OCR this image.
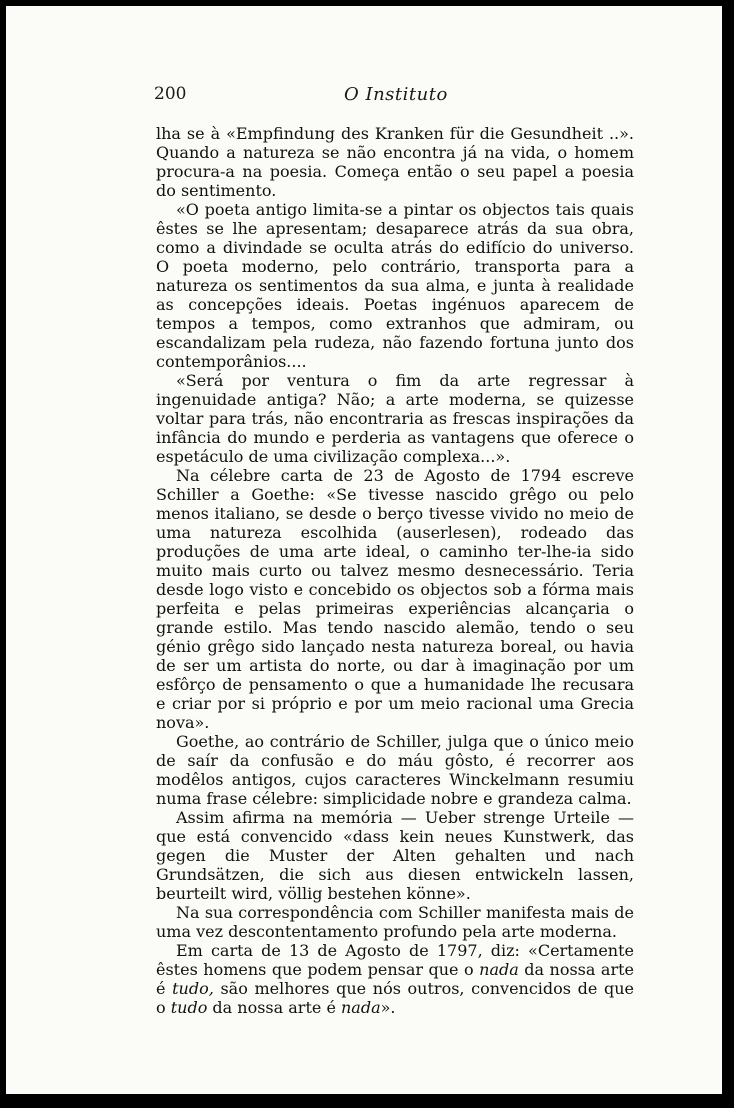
200	O Instituto

lha se à «Empfindung des Kranken für die Gesundheit ..». Quando a natureza se não encontra já na vida, o homem procura-a na poesia. Começa então o seu papel a poesia do sentimento.

«O poeta antigo limita-se a pintar os objectos tais quais êstes se lhe apresentam; desaparece atrás da sua obra, como a divindade se oculta atrás do edifício do universo. O poeta moderno, pelo contrário, transporta para a natureza os sentimentos da sua alma, e junta à realidade as concepções ideais. Poetas ingénuos aparecem de tempos a tempos, como extranhos que admiram, ou escandalizam pela rudeza, não fazendo fortuna junto dos contemporânios....

«Será por ventura o fim da arte regressar à ingenuidade antiga? Não; a arte moderna, se quizesse voltar para trás, não encontraria as frescas inspirações da infância do mundo e perderia as vantagens que oferece o espetáculo de uma civilização complexa...».

Na célebre carta de 23 de Agosto de 1794 escreve Schiller a Goethe: «Se tivesse nascido grêgo ou pelo menos italiano, se desde o berço tivesse vivido no meio de uma natureza escolhida (auserlesen), rodeado das produções de uma arte ideal, o caminho ter-lhe-ia sido muito mais curto ou talvez mesmo desnecessário. Teria desde logo visto e concebido os objectos sob a fórma mais perfeita e pelas primeiras experiências alcançaria o grande estilo. Mas tendo nascido alemão, tendo o seu génio grêgo sido lançado nesta natureza boreal, ou havia de ser um artista do norte, ou dar à imaginação por um esfôrço de pensamento o que a humanidade lhe recusara e criar por si próprio e por um meio racional uma Grecia nova».

Goethe, ao contrário de Schiller, julga que o único meio de saír da confusão e do máu gôsto, é recorrer aos modêlos antigos, cujos caracteres Winckelmann resumiu numa frase célebre: simplicidade nobre e grandeza calma.

Assim afirma na memória — Ueber strenge Urteile — que está convencido «dass kein neues Kunstwerk, das gegen die Muster der Alten gehalten und nach Grundsätzen, die sich aus diesen entwickeln lassen, beurteilt wird, völlig bestehen könne».

Na sua correspondência com Schiller manifesta mais de uma vez descontentamento profundo pela arte moderna.

Em carta de 13 de Agosto de 1797, diz: «Certamente êstes homens que podem pensar que o nada da nossa arte é tudo, são melhores que nós outros, convencidos de que o tudo da nossa arte é nada».
